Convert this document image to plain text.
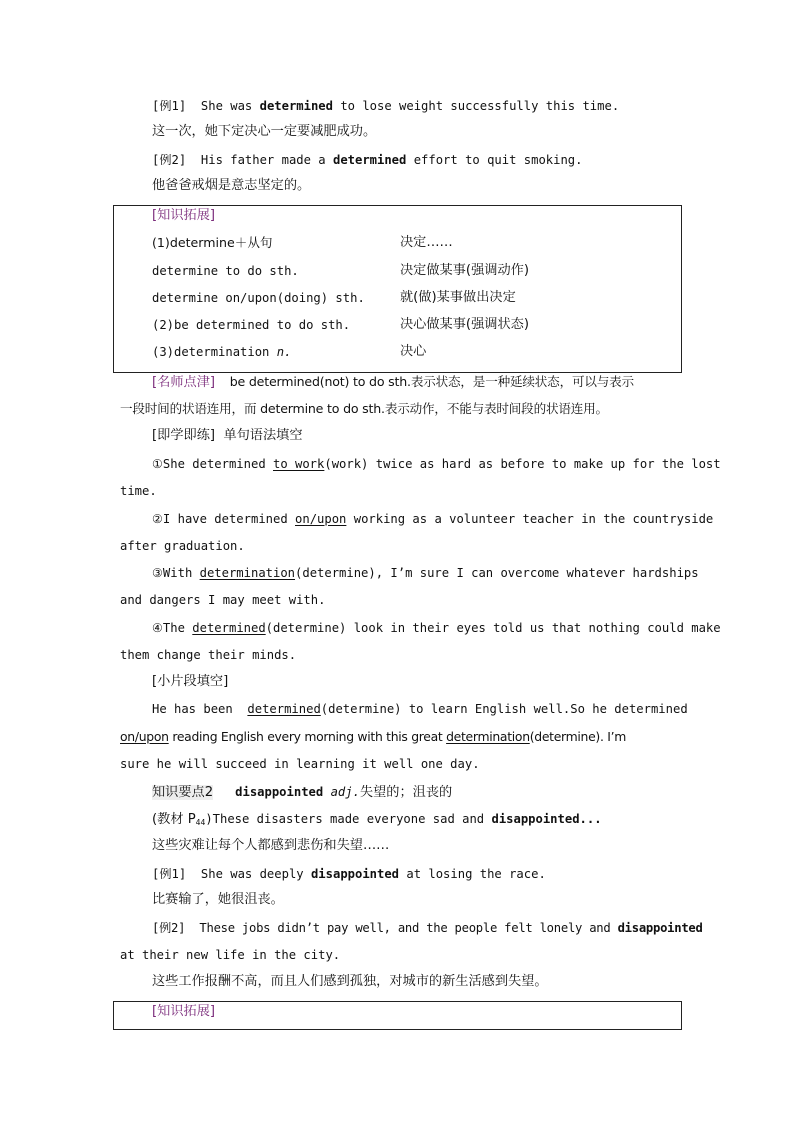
[例1] She was determined to lose weight successfully this time.
这一次，她下定决心一定要减肥成功。
[例2] His father made a determined effort to quit smoking.
他爸爸戒烟是意志坚定的。
[知识拓展]
(1)determine＋从句	决定……
determine to do sth.	决定做某事(强调动作)
determine on/upon(doing) sth.	就(做)某事做出决定
(2)be determined to do sth.	决心做某事(强调状态)
(3)determination n.	决心
[名师点津] be determined(not) to do sth.表示状态，是一种延续状态，可以与表示
一段时间的状语连用，而 determine to do sth.表示动作，不能与表时间段的状语连用。
[即学即练] 单句语法填空
①She determined to work(work) twice as hard as before to make up for the lost
time.
②I have determined on/upon working as a volunteer teacher in the countryside
after graduation.
③With determination(determine), I’m sure I can overcome whatever hardships
and dangers I may meet with.
④The determined(determine) look in their eyes told us that nothing could make
them change their minds.
[小片段填空]
He has been determined(determine) to learn English well.So he determined
on/upon reading English every morning with this great determination(determine). I’m
sure he will succeed in learning it well one day.
知识要点2 disappointed adj.失望的；沮丧的
(教材 $P_{44})These$ disasters made everyone sad and disappointed...
这些灾难让每个人都感到悲伤和失望……
[例1] She was deeply disappointed at losing the race.
比赛输了，她很沮丧。
[例2] These jobs didn’t pay well, and the people felt lonely and disappointed
at their new life in the city.
这些工作报酬不高，而且人们感到孤独，对城市的新生活感到失望。
[知识拓展]
